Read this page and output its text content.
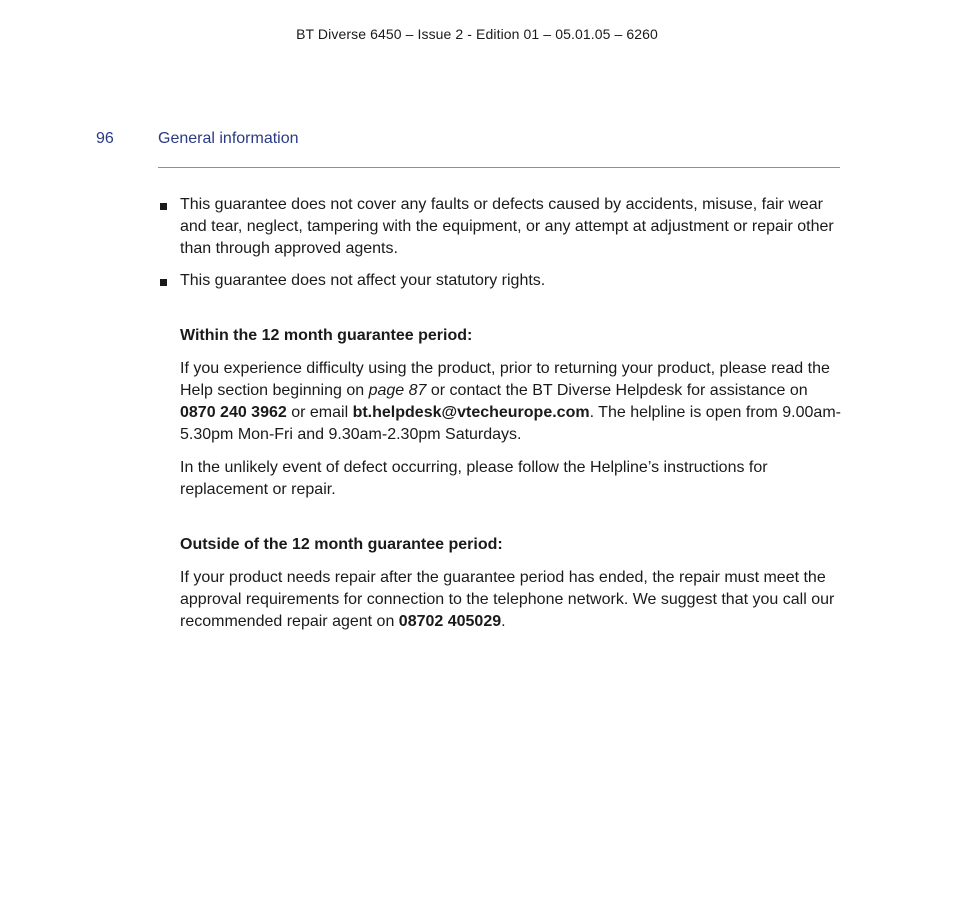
BT Diverse 6450 – Issue 2 - Edition 01 – 05.01.05 – 6260
96	General information
This guarantee does not cover any faults or defects caused by accidents, misuse, fair wear and tear, neglect, tampering with the equipment, or any attempt at adjustment or repair other than through approved agents.
This guarantee does not affect your statutory rights.
Within the 12 month guarantee period:

If you experience difficulty using the product, prior to returning your product, please read the Help section beginning on page 87 or contact the BT Diverse Helpdesk for assistance on 0870 240 3962 or email bt.helpdesk@vtecheurope.com. The helpline is open from 9.00am-5.30pm Mon-Fri and 9.30am-2.30pm Saturdays.

In the unlikely event of defect occurring, please follow the Helpline’s instructions for replacement or repair.

Outside of the 12 month guarantee period:

If your product needs repair after the guarantee period has ended, the repair must meet the approval requirements for connection to the telephone network. We suggest that you call our recommended repair agent on 08702 405029.
